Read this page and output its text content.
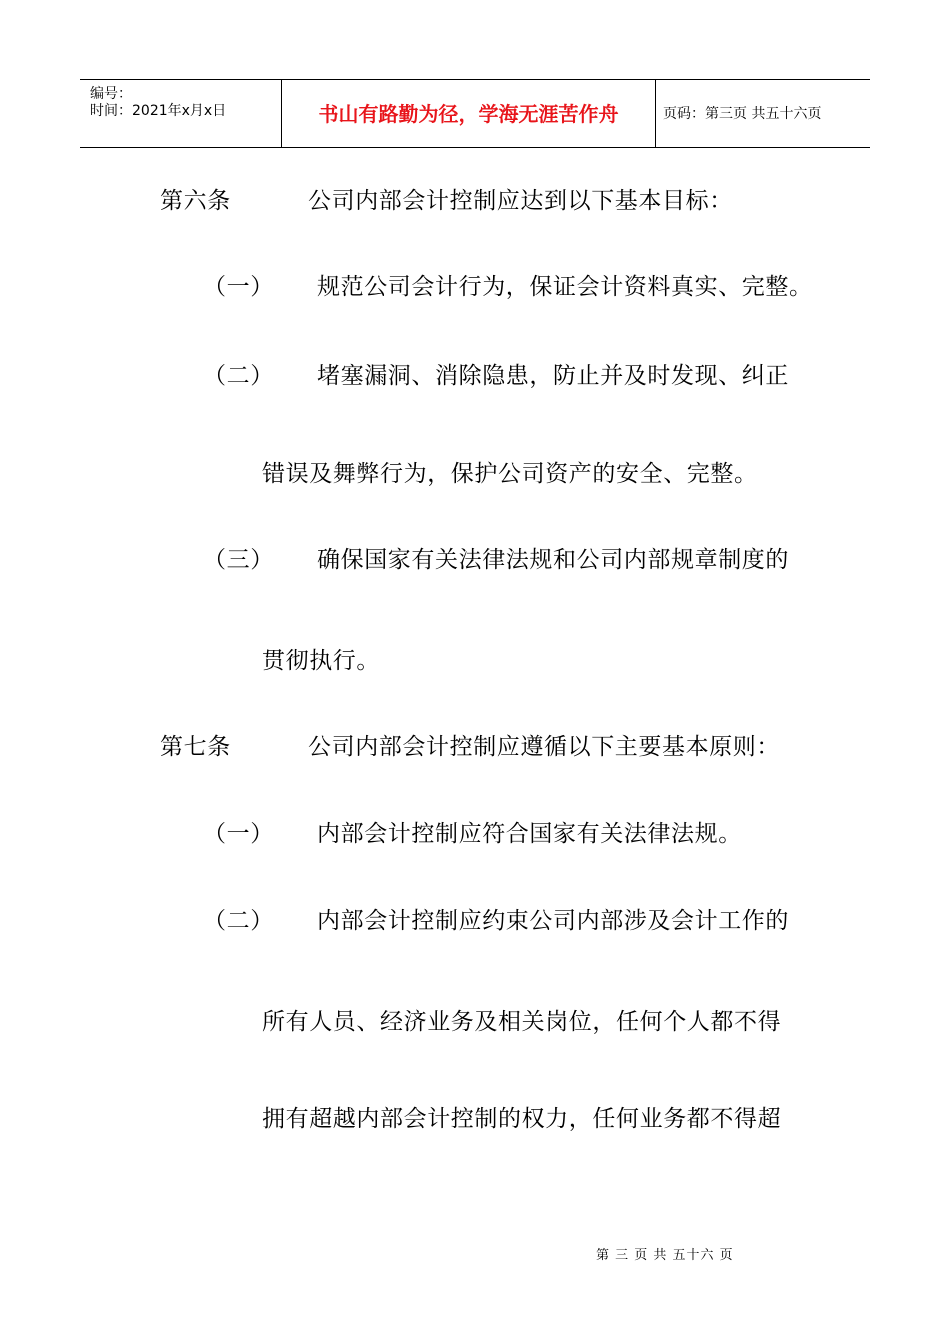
编号：
时间：2021年x月x日	书山有路勤为径，学海无涯苦作舟	页码：第三页 共五十六页
第六条	公司内部会计控制应达到以下基本目标：
（一） 规范公司会计行为，保证会计资料真实、完整。
（二） 堵塞漏洞、消除隐患，防止并及时发现、纠正
错误及舞弊行为，保护公司资产的安全、完整。
（三） 确保国家有关法律法规和公司内部规章制度的
贯彻执行。
第七条	公司内部会计控制应遵循以下主要基本原则：
（一） 内部会计控制应符合国家有关法律法规。
（二） 内部会计控制应约束公司内部涉及会计工作的
所有人员、经济业务及相关岗位，任何个人都不得
拥有超越内部会计控制的权力，任何业务都不得超
第 三 页 共 五十六 页
